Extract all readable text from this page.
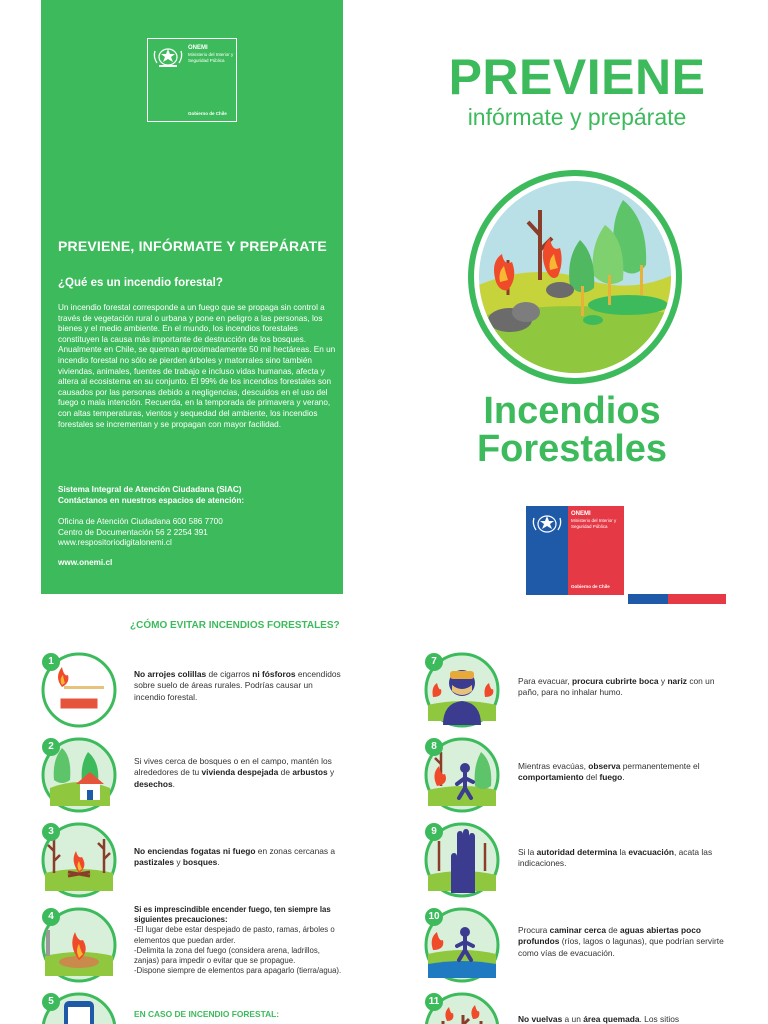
ONEMI
Ministerio del Interior y Seguridad Pública
Gobierno de Chile
PREVIENE, INFÓRMATE Y PREPÁRATE
¿Qué es un incendio forestal?
Un incendio forestal corresponde a un fuego que se propaga sin control a través de vegetación rural o urbana y pone en peligro a las personas, los bienes y el medio ambiente. En el mundo, los incendios forestales constituyen la causa más importante de destrucción de los bosques. Anualmente en Chile, se queman aproximadamente 50 mil hectáreas. En un incendio forestal no sólo se pierden árboles y matorrales sino también viviendas, animales, fuentes de trabajo e incluso vidas humanas, afecta y altera al ecosistema en su conjunto. El 99% de los incendios forestales son causados por las personas debido a negligencias, descuidos en el uso del fuego o mala intención. Recuerda, en la temporada de primavera y verano, con altas temperaturas, vientos y sequedad del ambiente, los incendios forestales se incrementan y se propagan con mayor facilidad.
Sistema Integral de Atención Ciudadana (SIAC)
Contáctanos en nuestros espacios de atención:
Oficina de Atención Ciudadana 600 586 7700
Centro de Documentación 56 2 2254 391
www.respositoriodigitalonemi.cl
www.onemi.cl
PREVIENE
infórmate y prepárate
Incendios
Forestales
ONEMI
Ministerio del Interior y Seguridad Pública
Gobierno de Chile
¿CÓMO EVITAR INCENDIOS FORESTALES?
1
No arrojes colillas de cigarros ni fósforos encendidos sobre suelo de áreas rurales. Podrías causar un incendio forestal.
2
Si vives cerca de bosques o en el campo, mantén los alrededores de tu vivienda despejada de arbustos y desechos.
3
No enciendas fogatas ni fuego en zonas cercanas a pastizales y bosques.
4
Si es imprescindible encender fuego, ten siempre las siguientes precauciones:
-El lugar debe estar despejado de pasto, ramas, árboles o elementos que puedan arder.
-Delimita la zona del fuego (considera arena, ladrillos, zanjas) para impedir o evitar que se propague.
-Dispone siempre de elementos para apagarlo (tierra/agua).
5
EN CASO DE INCENDIO FORESTAL:
7
Para evacuar, procura cubrirte boca y nariz con un paño, para no inhalar humo.
8
Mientras evacúas, observa permanentemente el comportamiento del fuego.
9
Si la autoridad determina la evacuación, acata las indicaciones.
10
Procura caminar cerca de aguas abiertas poco profundos (ríos, lagos o lagunas), que podrían servirte como vías de evacuación.
11
No vuelvas a un área quemada. Los sitios
